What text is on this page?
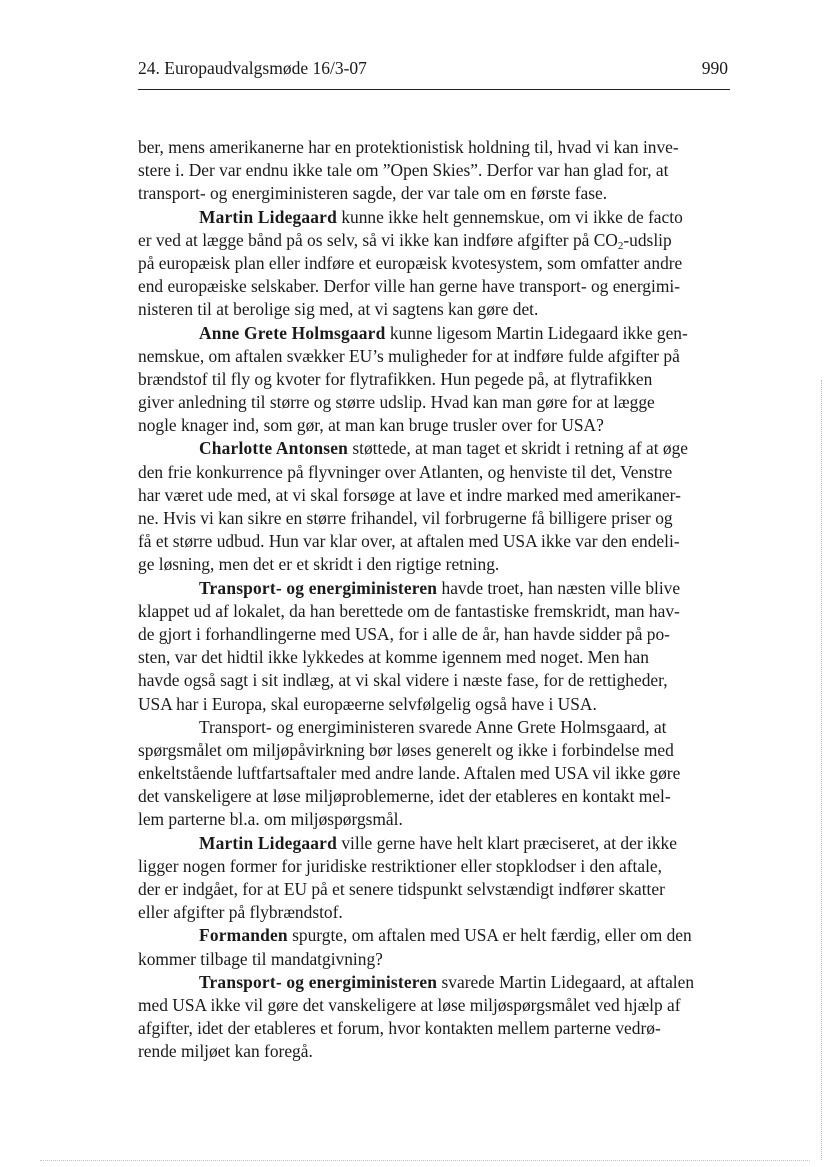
24. Europaudvalgsmøde 16/3-07	990
ber, mens amerikanerne har en protektionistisk holdning til, hvad vi kan inve-
stere i. Der var endnu ikke tale om ”Open Skies”. Derfor var han glad for, at
transport- og energiministeren sagde, der var tale om en første fase.
Martin Lidegaard kunne ikke helt gennemskue, om vi ikke de facto
er ved at lægge bånd på os selv, så vi ikke kan indføre afgifter på $CO_2$-udslip
på europæisk plan eller indføre et europæisk kvotesystem, som omfatter andre
end europæiske selskaber. Derfor ville han gerne have transport- og energimi-
nisteren til at berolige sig med, at vi sagtens kan gøre det.
Anne Grete Holmsgaard kunne ligesom Martin Lidegaard ikke gen-
nemskue, om aftalen svækker EU’s muligheder for at indføre fulde afgifter på
brændstof til fly og kvoter for flytrafikken. Hun pegede på, at flytrafikken
giver anledning til større og større udslip. Hvad kan man gøre for at lægge
nogle knager ind, som gør, at man kan bruge trusler over for USA?
Charlotte Antonsen støttede, at man taget et skridt i retning af at øge
den frie konkurrence på flyvninger over Atlanten, og henviste til det, Venstre
har været ude med, at vi skal forsøge at lave et indre marked med amerikaner-
ne. Hvis vi kan sikre en større frihandel, vil forbrugerne få billigere priser og
få et større udbud. Hun var klar over, at aftalen med USA ikke var den endeli-
ge løsning, men det er et skridt i den rigtige retning.
Transport- og energiministeren havde troet, han næsten ville blive
klappet ud af lokalet, da han berettede om de fantastiske fremskridt, man hav-
de gjort i forhandlingerne med USA, for i alle de år, han havde sidder på po-
sten, var det hidtil ikke lykkedes at komme igennem med noget. Men han
havde også sagt i sit indlæg, at vi skal videre i næste fase, for de rettigheder,
USA har i Europa, skal europæerne selvfølgelig også have i USA.
Transport- og energiministeren svarede Anne Grete Holmsgaard, at
spørgsmålet om miljøpåvirkning bør løses generelt og ikke i forbindelse med
enkeltstående luftfartsaftaler med andre lande. Aftalen med USA vil ikke gøre
det vanskeligere at løse miljøproblemerne, idet der etableres en kontakt mel-
lem parterne bl.a. om miljøspørgsmål.
Martin Lidegaard ville gerne have helt klart præciseret, at der ikke
ligger nogen former for juridiske restriktioner eller stopklodser i den aftale,
der er indgået, for at EU på et senere tidspunkt selvstændigt indfører skatter
eller afgifter på flybrændstof.
Formanden spurgte, om aftalen med USA er helt færdig, eller om den
kommer tilbage til mandatgivning?
Transport- og energiministeren svarede Martin Lidegaard, at aftalen
med USA ikke vil gøre det vanskeligere at løse miljøspørgsmålet ved hjælp af
afgifter, idet der etableres et forum, hvor kontakten mellem parterne vedrø-
rende miljøet kan foregå.
